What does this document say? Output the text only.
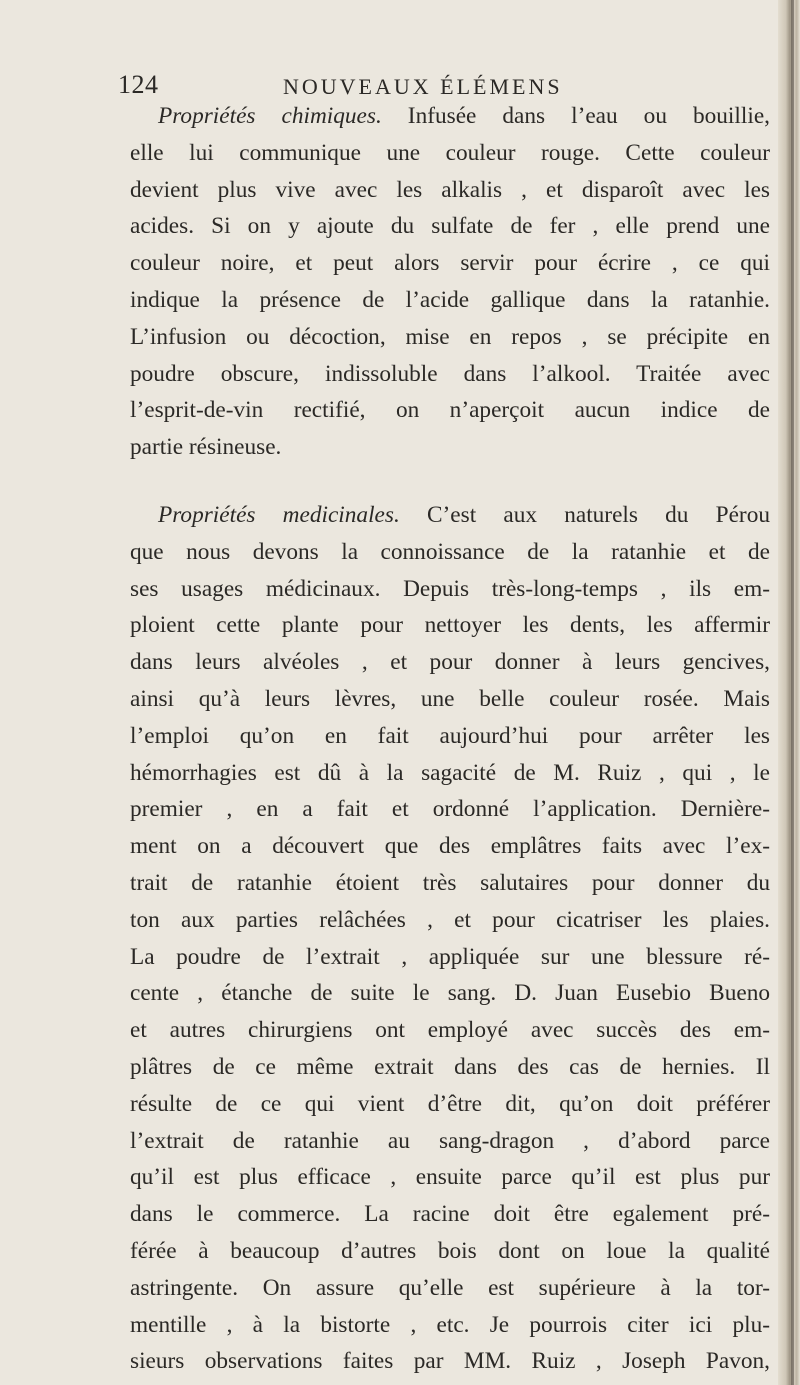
124	NOUVEAUX ÉLÉMENS
Propriétés chimiques. Infusée dans l’eau ou bouillie,
elle lui communique une couleur rouge. Cette couleur
devient plus vive avec les alkalis , et disparoît avec les
acides. Si on y ajoute du sulfate de fer , elle prend une
couleur noire, et peut alors servir pour écrire , ce qui
indique la présence de l’acide gallique dans la ratanhie.
L’infusion ou décoction, mise en repos , se précipite en
poudre obscure, indissoluble dans l’alkool. Traitée avec
l’esprit-de-vin rectifié, on n’aperçoit aucun indice de
partie résineuse.
Propriétés medicinales. C’est aux naturels du Pérou
que nous devons la connoissance de la ratanhie et de
ses usages médicinaux. Depuis très-long-temps , ils em-
ploient cette plante pour nettoyer les dents, les affermir
dans leurs alvéoles , et pour donner à leurs gencives,
ainsi qu’à leurs lèvres, une belle couleur rosée. Mais
l’emploi qu’on en fait aujourd’hui pour arrêter les
hémorrhagies est dû à la sagacité de M. Ruiz , qui , le
premier , en a fait et ordonné l’application. Dernière-
ment on a découvert que des emplâtres faits avec l’ex-
trait de ratanhie étoient très salutaires pour donner du
ton aux parties relâchées , et pour cicatriser les plaies.
La poudre de l’extrait , appliquée sur une blessure ré-
cente , étanche de suite le sang. D. Juan Eusebio Bueno
et autres chirurgiens ont employé avec succès des em-
plâtres de ce même extrait dans des cas de hernies. Il
résulte de ce qui vient d’être dit, qu’on doit préférer
l’extrait de ratanhie au sang-dragon , d’abord parce
qu’il est plus efficace , ensuite parce qu’il est plus pur
dans le commerce. La racine doit être egalement pré-
férée à beaucoup d’autres bois dont on loue la qualité
astringente. On assure qu’elle est supérieure à la tor-
mentille , à la bistorte , etc. Je pourrois citer ici plu-
sieurs observations faites par MM. Ruiz , Joseph Pavon,
